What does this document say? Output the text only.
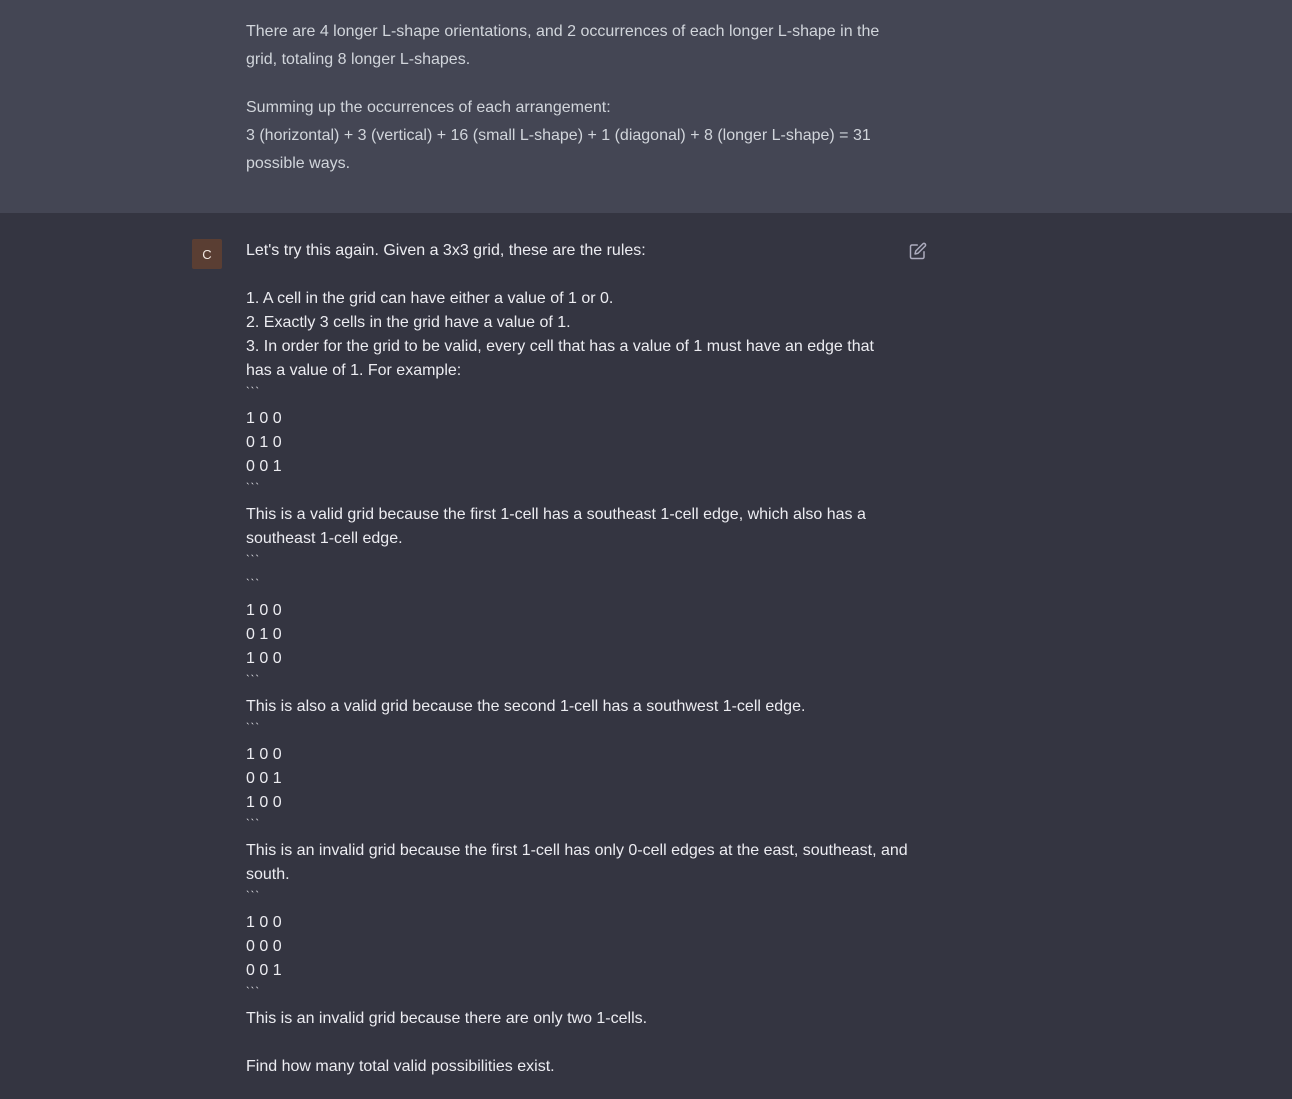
There are 4 longer L-shape orientations, and 2 occurrences of each longer L-shape in the
grid, totaling 8 longer L-shapes.
Summing up the occurrences of each arrangement:
3 (horizontal) + 3 (vertical) + 16 (small L-shape) + 1 (diagonal) + 8 (longer L-shape) = 31
possible ways.
C	Let's try this again. Given a 3x3 grid, these are the rules:
1. A cell in the grid can have either a value of 1 or 0.
2. Exactly 3 cells in the grid have a value of 1.
3. In order for the grid to be valid, every cell that has a value of 1 must have an edge that
has a value of 1. For example:
```
1 0 0
0 1 0
0 0 1
```
This is a valid grid because the first 1-cell has a southeast 1-cell edge, which also has a
southeast 1-cell edge.
```
```
1 0 0
0 1 0
1 0 0
```
This is also a valid grid because the second 1-cell has a southwest 1-cell edge.
```
1 0 0
0 0 1
1 0 0
```
This is an invalid grid because the first 1-cell has only 0-cell edges at the east, southeast, and
south.
```
1 0 0
0 0 0
0 0 1
```
This is an invalid grid because there are only two 1-cells.
Find how many total valid possibilities exist.
